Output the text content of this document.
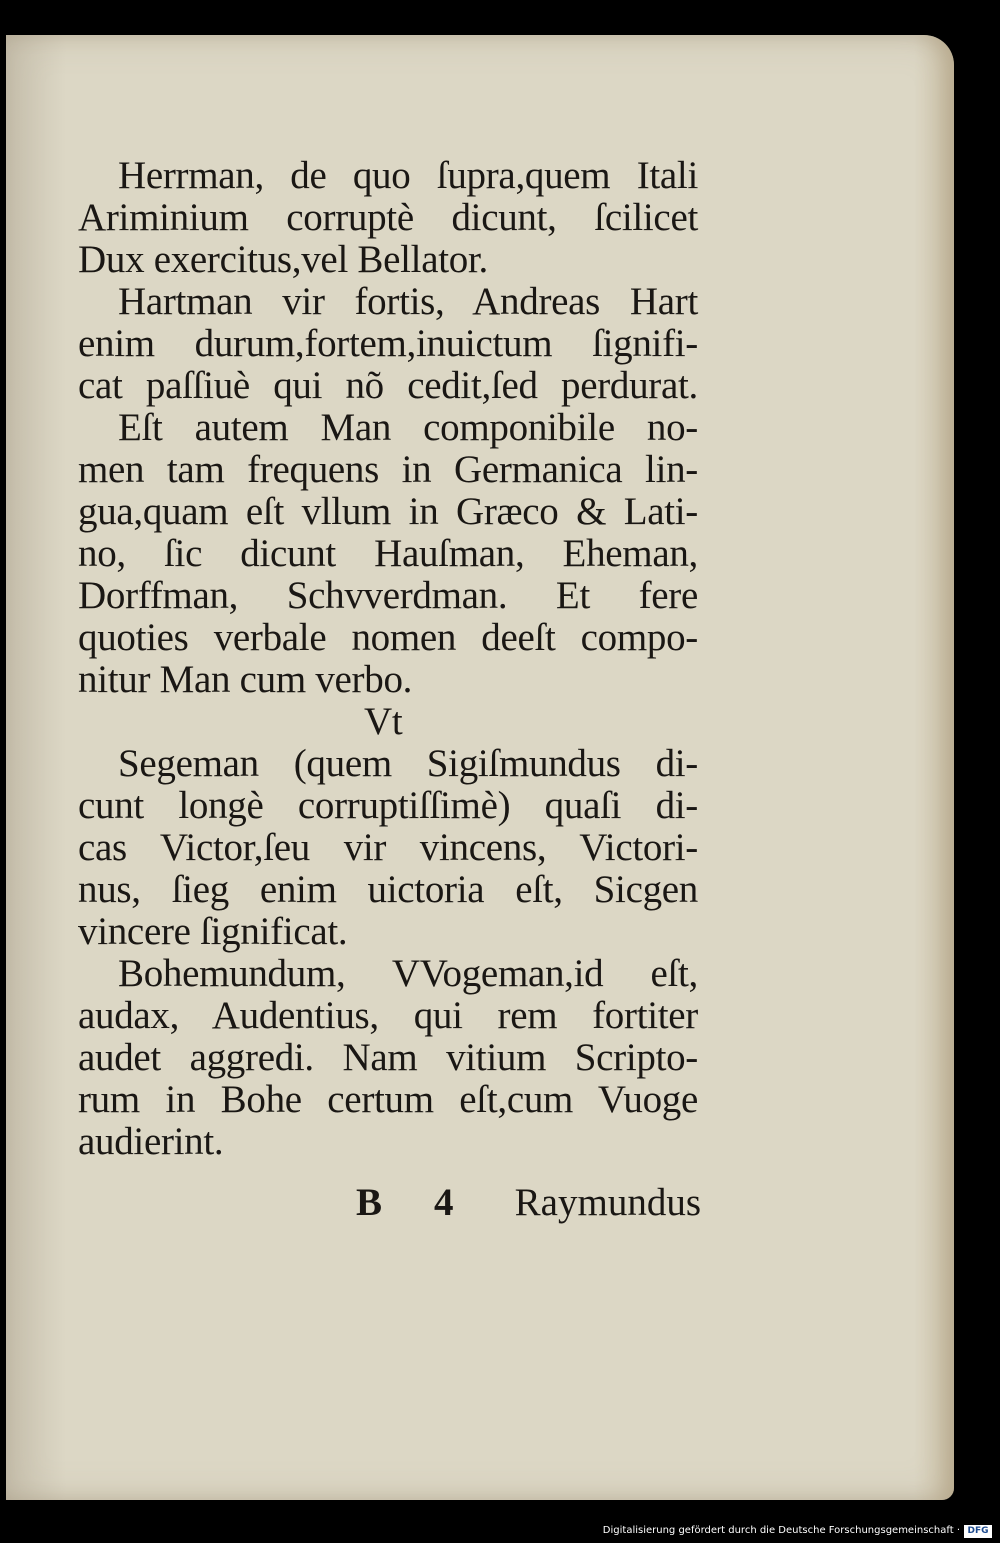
Herrman, de quo ſupra,quem Itali
Ariminium corruptè dicunt, ſcilicet
Dux exercitus,vel Bellator.
Hartman vir fortis, Andreas Hart
enim durum,fortem,inuictum ſignifi-
cat paſſiuè qui nõ cedit,ſed perdurat.
Eſt autem Man componibile no-
men tam frequens in Germanica lin-
gua,quam eſt vllum in Græco & Lati-
no, ſic dicunt Hauſman, Eheman,
Dorffman, Schvverdman. Et fere
quoties verbale nomen deeſt compo-
nitur Man cum verbo.
Vt
Segeman (quem Sigiſmundus di-
cunt longè corruptiſſimè) quaſi di-
cas Victor,ſeu vir vincens, Victori-
nus, ſieg enim uictoria eſt, Sicgen
vincere ſignificat.
Bohemundum, VVogeman,id eſt,
audax, Audentius, qui rem fortiter
audet aggredi. Nam vitium Scripto-
rum in Bohe certum eſt,cum Vuoge
audierint.
B 4 Raymundus
Digitalisierung gefördert durch die Deutsche Forschungsgemeinschaft · DFG
